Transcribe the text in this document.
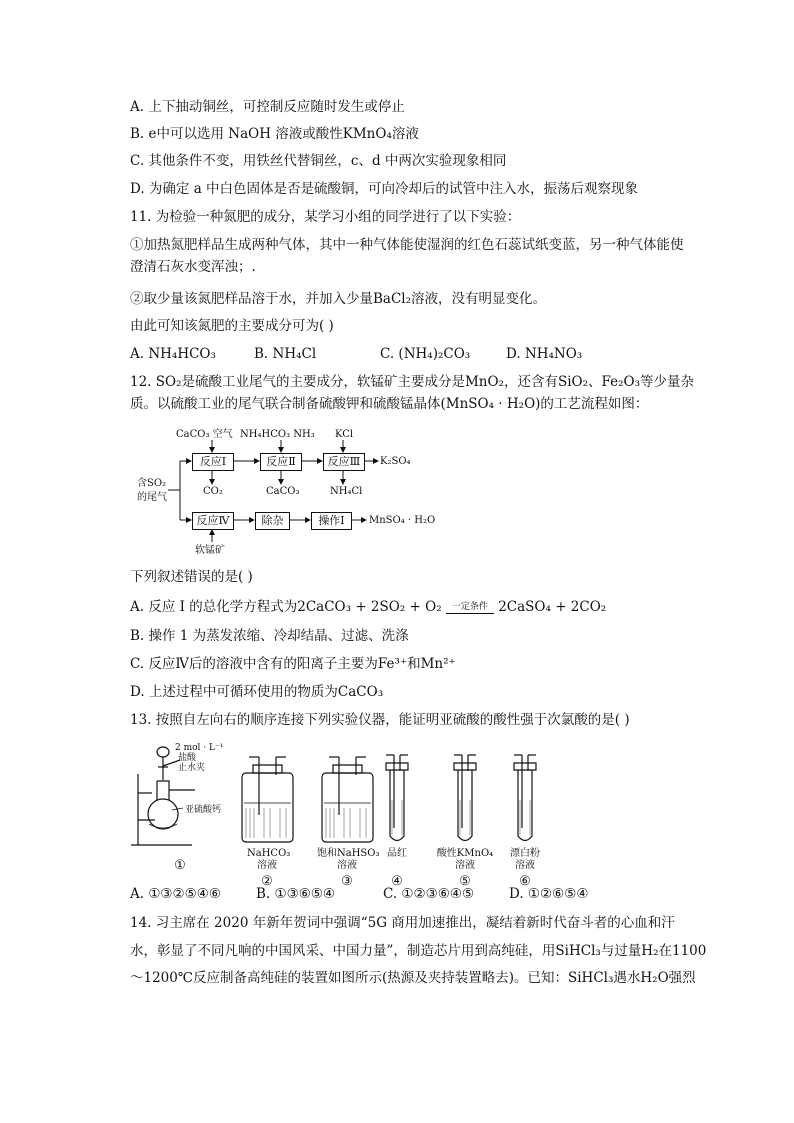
A. 上下抽动铜丝，可控制反应随时发生或停止
B. e中可以选用 NaOH 溶液或酸性KMnO₄溶液
C. 其他条件不变，用铁丝代替铜丝，c、d 中两次实验现象相同
D. 为确定 a 中白色固体是否是硫酸铜，可向冷却后的试管中注入水，振荡后观察现象
11. 为检验一种氮肥的成分，某学习小组的同学进行了以下实验：
①加热氮肥样品生成两种气体，其中一种气体能使湿润的红色石蕊试纸变蓝，另一种气体能使澄清石灰水变浑浊；.
②取少量该氮肥样品溶于水，并加入少量BaCl₂溶液，没有明显变化。
由此可知该氮肥的主要成分可为( )
A. NH₄HCO₃	B. NH₄Cl	C. (NH₄)₂CO₃	D. NH₄NO₃
12. SO₂是硫酸工业尾气的主要成分，软锰矿主要成分是MnO₂，还含有SiO₂、Fe₂O₃等少量杂质。以硫酸工业的尾气联合制备硫酸钾和硫酸锰晶体(MnSO₄ · H₂O)的工艺流程如图：
CaCO₃ 空气 NH₄HCO₃ NH₃ KCl
反应Ⅰ	反应Ⅱ	反应Ⅲ	K₂SO₄
CO₂	CaCO₃	NH₄Cl
含SO₂
的尾气
反应Ⅳ	除杂	操作Ⅰ	MnSO₄ · H₂O
软锰矿
下列叙述错误的是( )
A. 反应 I 的总化学方程式为2CaCO₃ + 2SO₂ + O₂	一定条件 2CaSO₄ + 2CO₂
B. 操作 1 为蒸发浓缩、冷却结晶、过滤、洗涤
C. 反应Ⅳ后的溶液中含有的阳离子主要为Fe³⁺和Mn²⁺
D. 上述过程中可循环使用的物质为CaCO₃
13. 按照自左向右的顺序连接下列实验仪器，能证明亚硫酸的酸性强于次氯酸的是( )
2 mol · L⁻¹
盐酸
止水夹
亚硫酸钙
NaHCO₃
溶液
饱和NaHSO₃
溶液
品红	酸性KMnO₄
溶液
漂白粉
溶液
①
②	③	④	⑤	⑥
A. ①③②⑤④⑥	B. ①③⑥⑤④	C. ①②③⑥④⑤	D. ①②⑥⑤④
14. 习主席在 2020 年新年贺词中强调“5G 商用加速推出，凝结着新时代奋斗者的心血和汗
水，彰显了不同凡响的中国风采、中国力量”，制造芯片用到高纯硅，用SiHCl₃与过量H₂在1100
～1200℃反应制备高纯硅的装置如图所示(热源及夹持装置略去)。已知：SiHCl₃遇水H₂O强烈
